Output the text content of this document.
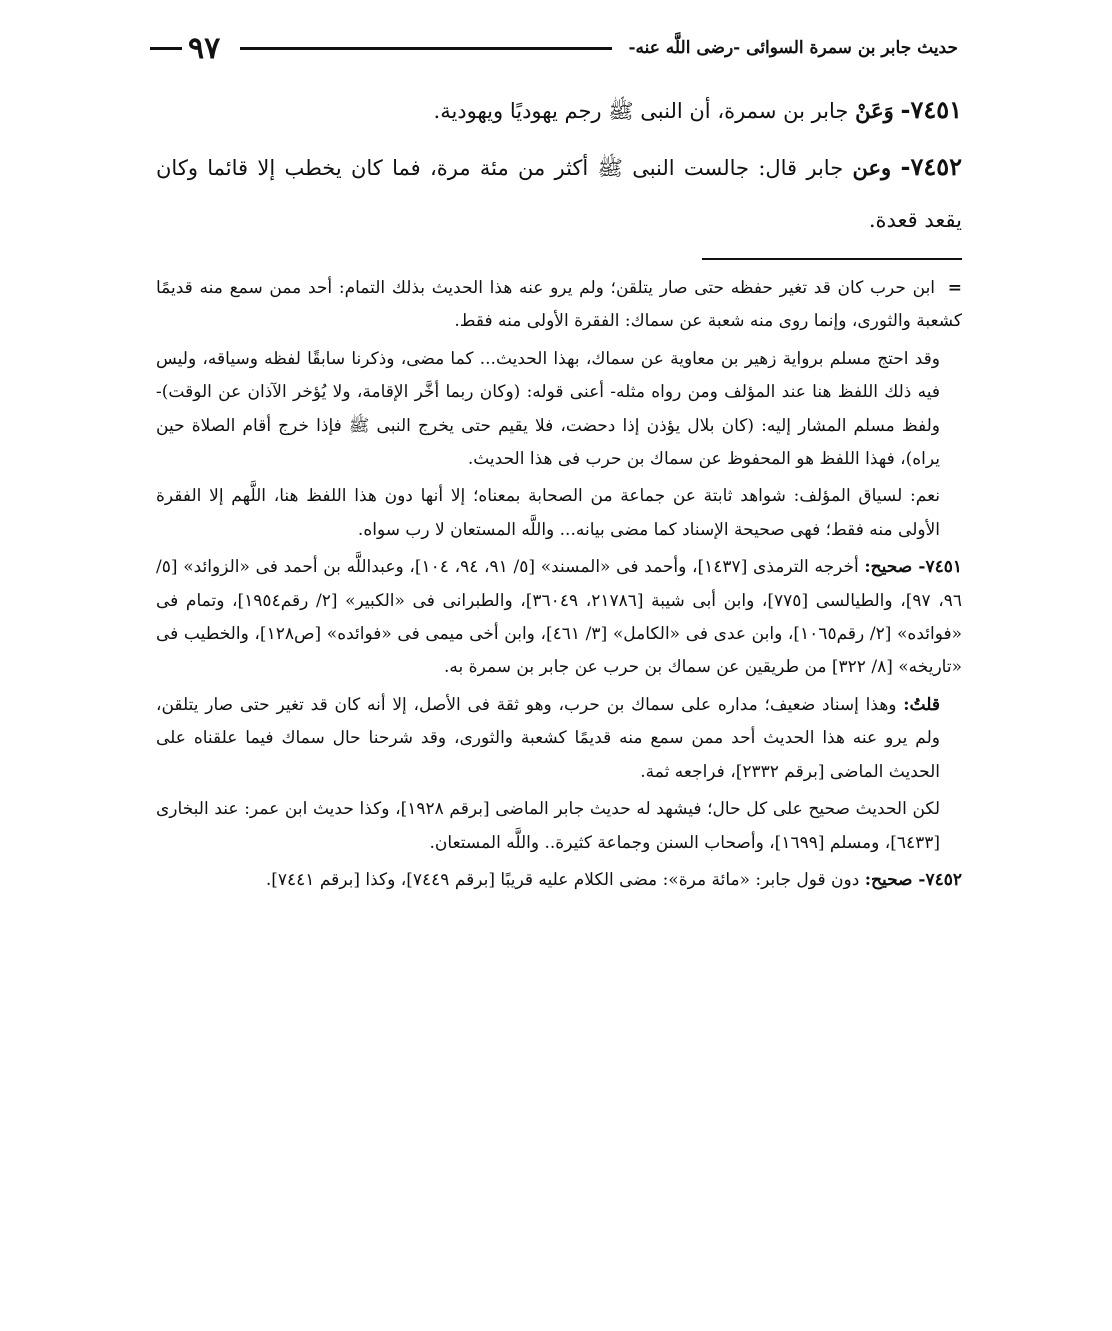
حديث جابر بن سمرة السوائى -رضى اللَّه عنه-
٩٧

٧٤٥١- وَعَنْ جابر بن سمرة، أن النبى ﷺ رجم يهوديًا ويهودية.

٧٤٥٢- وعن جابر قال: جالست النبى ﷺ أكثر من مئة مرة، فما كان يخطب إلا قائما وكان يقعد قعدة.

= ابن حرب كان قد تغير حفظه حتى صار يتلقن؛ ولم يرو عنه هذا الحديث بذلك التمام: أحد ممن سمع منه قديمًا كشعبة والثورى، وإنما روى منه شعبة عن سماك: الفقرة الأولى منه فقط.

وقد احتج مسلم برواية زهير بن معاوية عن سماك، بهذا الحديث... كما مضى، وذكرنا سابقًا لفظه وسياقه، وليس فيه ذلك اللفظ هنا عند المؤلف ومن رواه مثله- أعنى قوله: (وكان ربما أخَّر الإقامة، ولا يُؤخر الآذان عن الوقت)- ولفظ مسلم المشار إليه: (كان بلال يؤذن إذا دحضت، فلا يقيم حتى يخرج النبى ﷺ فإذا خرج أقام الصلاة حين يراه)، فهذا اللفظ هو المحفوظ عن سماك بن حرب فى هذا الحديث.

نعم: لسياق المؤلف: شواهد ثابتة عن جماعة من الصحابة بمعناه؛ إلا أنها دون هذا اللفظ هنا، اللَّهم إلا الفقرة الأولى منه فقط؛ فهى صحيحة الإسناد كما مضى بيانه... واللَّه المستعان لا رب سواه.

٧٤٥١- صحيح: أخرجه الترمذى [١٤٣٧]، وأحمد فى «المسند» [٥/ ٩١، ٩٤، ١٠٤]، وعبداللَّه بن أحمد فى «الزوائد» [٥/ ٩٦، ٩٧]، والطيالسى [٧٧٥]، وابن أبى شيبة [٢١٧٨٦، ٣٦٠٤٩]، والطبرانى فى «الكبير» [٢/ رقم١٩٥٤]، وتمام فى «فوائده» [٢/ رقم١٠٦٥]، وابن عدى فى «الكامل» [٣/ ٤٦١]، وابن أخى ميمى فى «فوائده» [ص١٢٨]، والخطيب فى «تاريخه» [٨/ ٣٢٢] من طريقين عن سماك بن حرب عن جابر بن سمرة به.

قلتُ: وهذا إسناد ضعيف؛ مداره على سماك بن حرب، وهو ثقة فى الأصل، إلا أنه كان قد تغير حتى صار يتلقن، ولم يرو عنه هذا الحديث أحد ممن سمع منه قديمًا كشعبة والثورى، وقد شرحنا حال سماك فيما علقناه على الحديث الماضى [برقم ٢٣٣٢]، فراجعه ثمة.

لكن الحديث صحيح على كل حال؛ فيشهد له حديث جابر الماضى [برقم ١٩٢٨]، وكذا حديث ابن عمر: عند البخارى [٦٤٣٣]، ومسلم [١٦٩٩]، وأصحاب السنن وجماعة كثيرة.. واللَّه المستعان.

٧٤٥٢- صحيح: دون قول جابر: «مائة مرة»: مضى الكلام عليه قريبًا [برقم ٧٤٤٩]، وكذا [برقم ٧٤٤١].
